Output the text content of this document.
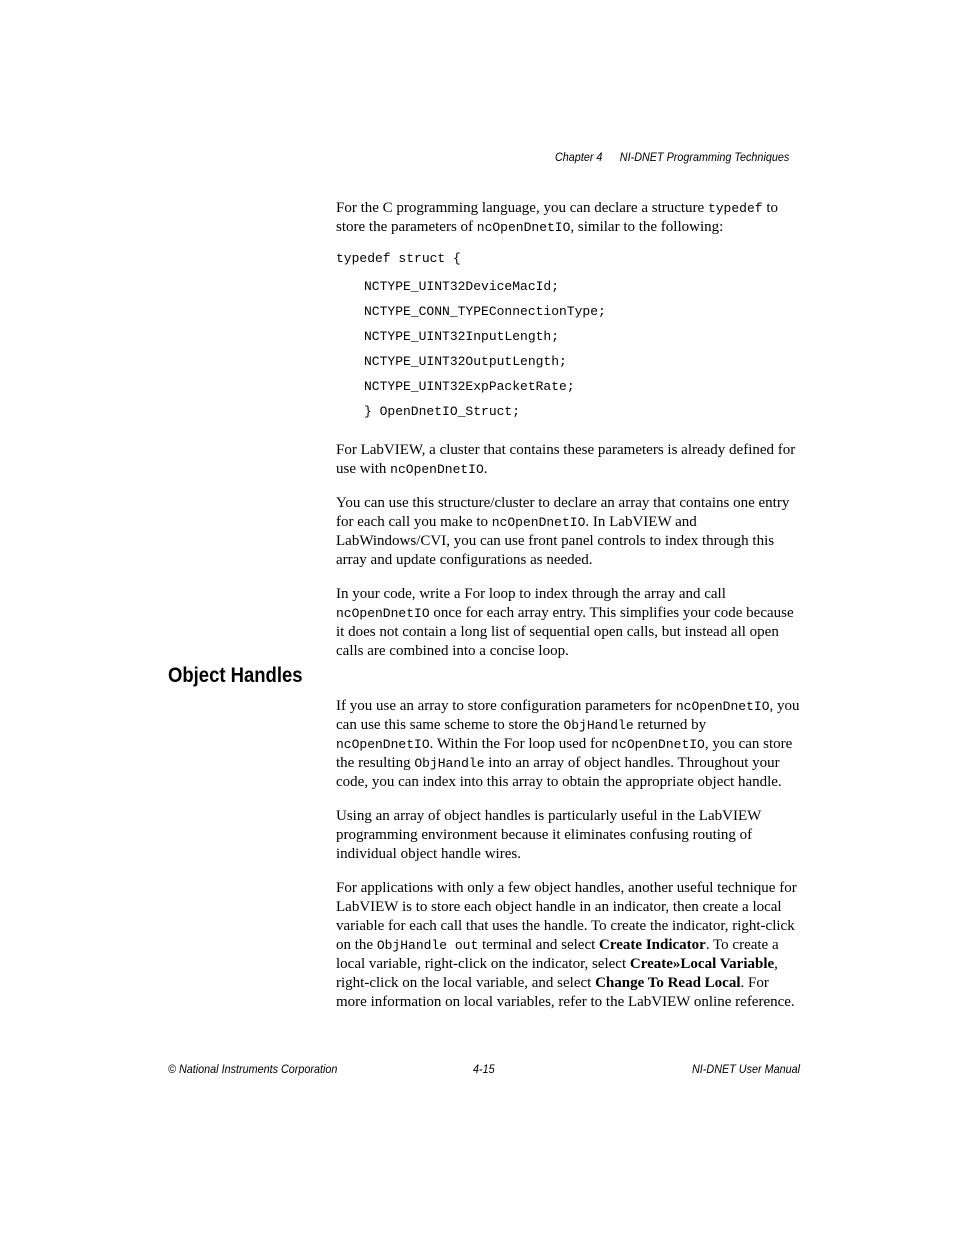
Chapter 4 NI-DNET Programming Techniques

For the C programming language, you can declare a structure typedef to store the parameters of ncOpenDnetIO, similar to the following:

typedef struct {
NCTYPE_UINT32DeviceMacId;
NCTYPE_CONN_TYPEConnectionType;
NCTYPE_UINT32InputLength;
NCTYPE_UINT32OutputLength;
NCTYPE_UINT32ExpPacketRate;
} OpenDnetIO_Struct;

For LabVIEW, a cluster that contains these parameters is already defined for use with ncOpenDnetIO.

You can use this structure/cluster to declare an array that contains one entry for each call you make to ncOpenDnetIO. In LabVIEW and LabWindows/CVI, you can use front panel controls to index through this array and update configurations as needed.

In your code, write a For loop to index through the array and call ncOpenDnetIO once for each array entry. This simplifies your code because it does not contain a long list of sequential open calls, but instead all open calls are combined into a concise loop.

Object Handles

If you use an array to store configuration parameters for ncOpenDnetIO, you can use this same scheme to store the ObjHandle returned by ncOpenDnetIO. Within the For loop used for ncOpenDnetIO, you can store the resulting ObjHandle into an array of object handles. Throughout your code, you can index into this array to obtain the appropriate object handle.

Using an array of object handles is particularly useful in the LabVIEW programming environment because it eliminates confusing routing of individual object handle wires.

For applications with only a few object handles, another useful technique for LabVIEW is to store each object handle in an indicator, then create a local variable for each call that uses the handle. To create the indicator, right-click on the ObjHandle out terminal and select Create Indicator. To create a local variable, right-click on the indicator, select Create»Local Variable, right-click on the local variable, and select Change To Read Local. For more information on local variables, refer to the LabVIEW online reference.

© National Instruments Corporation	4-15	NI-DNET User Manual
